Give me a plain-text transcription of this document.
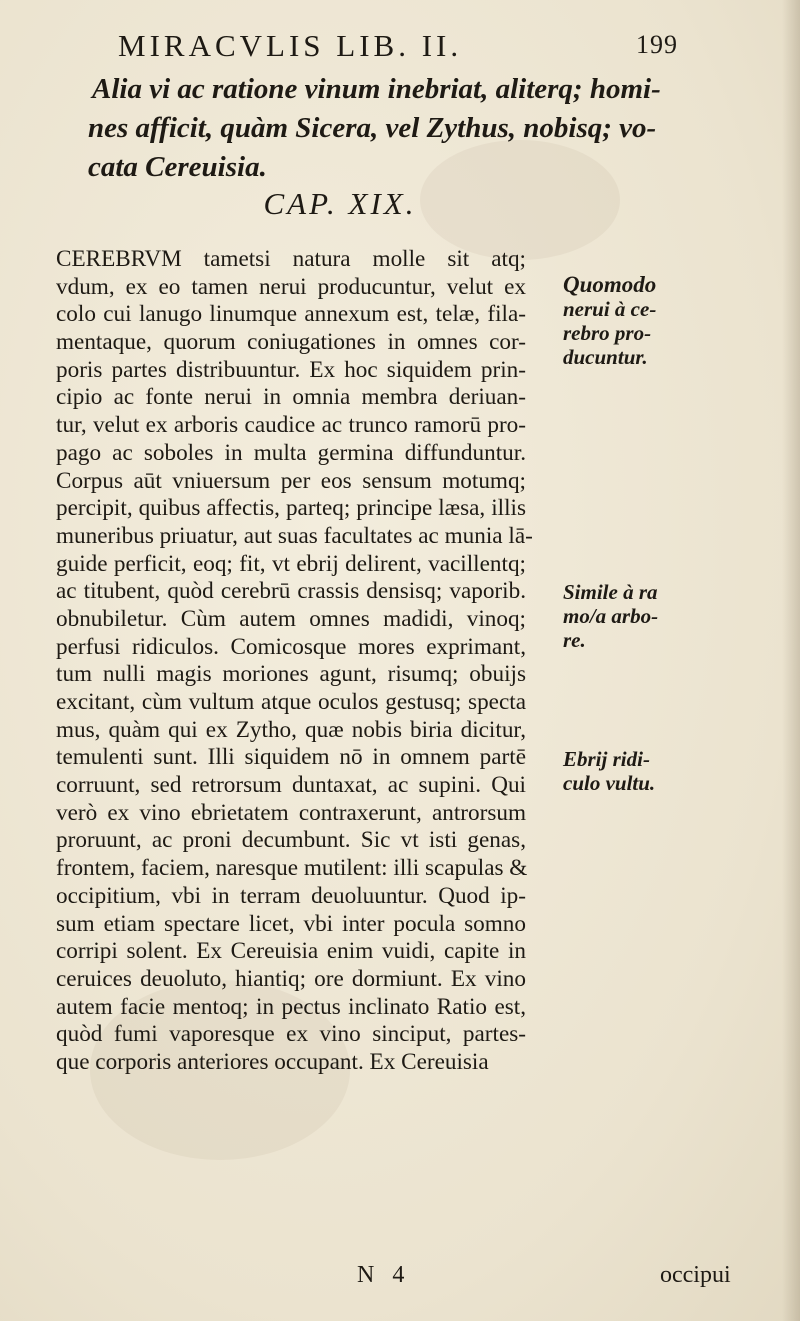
MIRACVLIS LIB. II.	199
Alia vi ac ratione vinum inebriat, aliterq; homi-
nes afficit, quàm Sicera, vel Zythus, nobisq; vo-
cata Cereuisia.
CAP. XIX.
CEREBRVM tametsi natura molle sit atq;
vdum, ex eo tamen nerui producuntur, velut ex
colo cui lanugo linumque annexum est, telæ, fila-
mentaque, quorum coniugationes in omnes cor-
poris partes distribuuntur. Ex hoc siquidem prin-
cipio ac fonte nerui in omnia membra deriuan-
tur, velut ex arboris caudice ac trunco ramorū pro-
pago ac soboles in multa germina diffunduntur.
Corpus aūt vniuersum per eos sensum motumq;
percipit, quibus affectis, parteq; principe læsa, illis
muneribus priuatur, aut suas facultates ac munia lā-
guide perficit, eoq; fit, vt ebrij delirent, vacillentq;
ac titubent, quòd cerebrū crassis densisq; vaporib.
obnubiletur. Cùm autem omnes madidi, vinoq;
perfusi ridiculos. Comicosque mores exprimant,
tum nulli magis moriones agunt, risumq; obuijs
excitant, cùm vultum atque oculos gestusq; specta
mus, quàm qui ex Zytho, quæ nobis biria dicitur,
temulenti sunt. Illi siquidem nō in omnem partē
corruunt, sed retrorsum duntaxat, ac supini. Qui
verò ex vino ebrietatem contraxerunt, antrorsum
proruunt, ac proni decumbunt. Sic vt isti genas,
frontem, faciem, naresque mutilent: illi scapulas &
occipitium, vbi in terram deuoluuntur. Quod ip-
sum etiam spectare licet, vbi inter pocula somno
corripi solent. Ex Cereuisia enim vuidi, capite in
ceruices deuoluto, hiantiq; ore dormiunt. Ex vino
autem facie mentoq; in pectus inclinato Ratio est,
quòd fumi vaporesque ex vino sinciput, partes-
que corporis anteriores occupant. Ex Cereuisia
Quomodo
nerui à ce-
rebro pro-
ducuntur.
Simile à ra
mo/a arbo-
re.
Ebrij ridi-
culo vultu.
N 4	occipui
